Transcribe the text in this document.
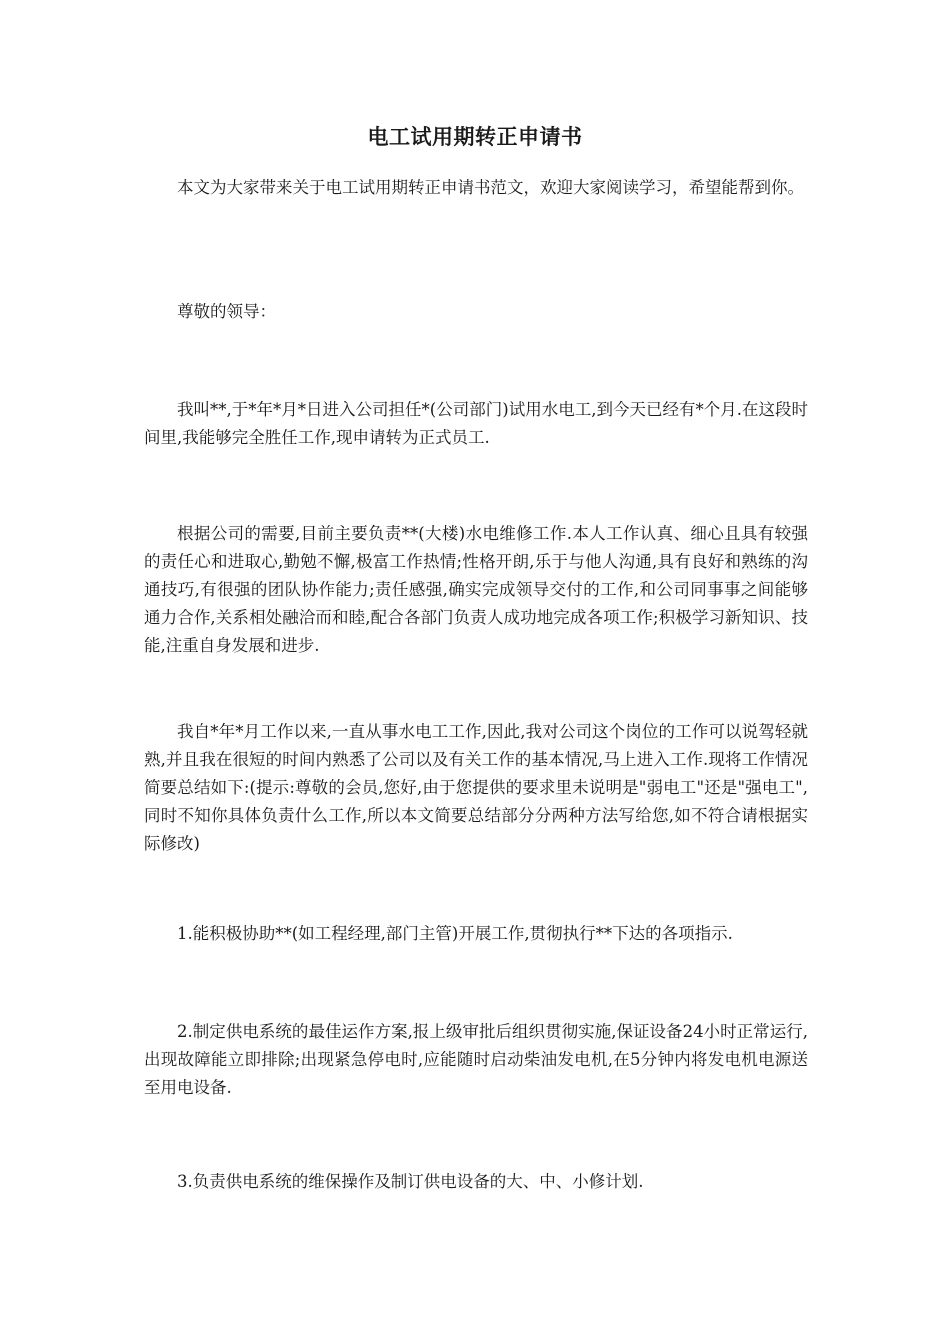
电工试用期转正申请书

本文为大家带来关于电工试用期转正申请书范文，欢迎大家阅读学习，希望能帮到你。

尊敬的领导：

我叫**,于*年*月*日进入公司担任*(公司部门)试用水电工,到今天已经有*个月.在这段时间里,我能够完全胜任工作,现申请转为正式员工.

根据公司的需要,目前主要负责**(大楼)水电维修工作.本人工作认真、细心且具有较强的责任心和进取心,勤勉不懈,极富工作热情;性格开朗,乐于与他人沟通,具有良好和熟练的沟通技巧,有很强的团队协作能力;责任感强,确实完成领导交付的工作,和公司同事事之间能够通力合作,关系相处融洽而和睦,配合各部门负责人成功地完成各项工作;积极学习新知识、技能,注重自身发展和进步.

我自*年*月工作以来,一直从事水电工工作,因此,我对公司这个岗位的工作可以说驾轻就熟,并且我在很短的时间内熟悉了公司以及有关工作的基本情况,马上进入工作.现将工作情况简要总结如下:(提示:尊敬的会员,您好,由于您提供的要求里未说明是"弱电工"还是"强电工",同时不知你具体负责什么工作,所以本文简要总结部分分两种方法写给您,如不符合请根据实际修改)

1.能积极协助**(如工程经理,部门主管)开展工作,贯彻执行**下达的各项指示.

2.制定供电系统的最佳运作方案,报上级审批后组织贯彻实施,保证设备24小时正常运行,出现故障能立即排除;出现紧急停电时,应能随时启动柴油发电机,在5分钟内将发电机电源送至用电设备.

3.负责供电系统的维保操作及制订供电设备的大、中、小修计划.
